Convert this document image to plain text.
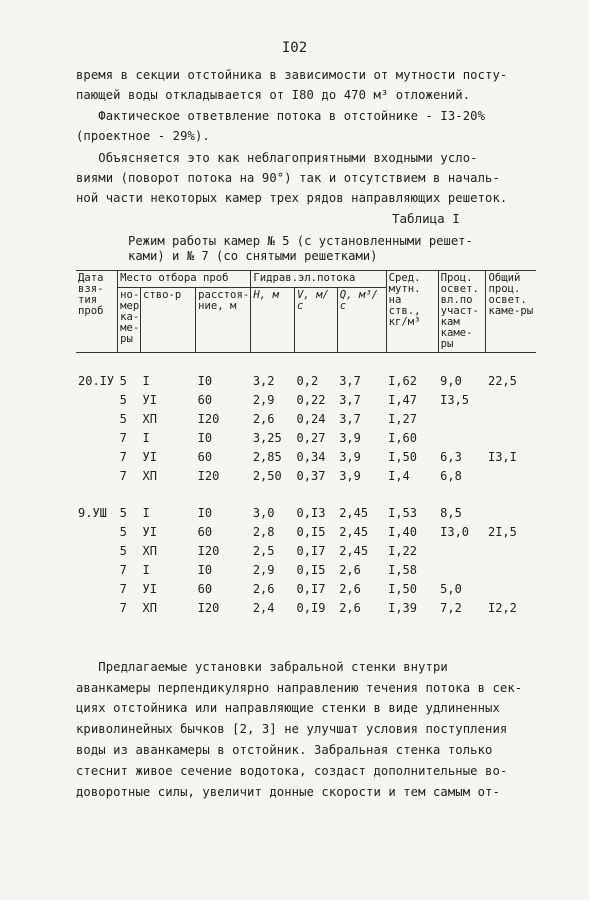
I02
время в секции отстойника в зависимости от мутности посту-
пающей воды откладывается от I80 до 470 м³ отложений.
Фактическое ответвление потока в отстойнике - I3-20%
(проектное - 29%).
Объясняется это как неблагоприятными входными усло-
виями (поворот потока на 90°) так и отсутствием в началь-
ной части некоторых камер трех рядов направляющих решеток.
Таблица I
Режим работы камер № 5 (с установленными решет-
ками) и № 7 (со снятыми решетками)
Дата взя-тия проб	Место отбора проб			Гидрав.эл.потока			Сред. мутн. на ств., кг/м³	Проц. освет. вл.по участ-кам каме-ры	Общий проц. освет. каме-ры
	но-мер ка-ме-ры	ство-р	расстоя-ние, м	H, м	V, м/с	Q, м³/с			

20.IУ	5	I	I0	3,2	0,2	3,7	I,62	9,0	22,5
	5	УI	60	2,9	0,22	3,7	I,47	I3,5	
	5	ХП	I20	2,6	0,24	3,7	I,27		
	7	I	I0	3,25	0,27	3,9	I,60		
	7	УI	60	2,85	0,34	3,9	I,50	6,3	I3,I
	7	ХП	I20	2,50	0,37	3,9	I,4	6,8	

9.УШ	5	I	I0	3,0	0,I3	2,45	I,53	8,5	
	5	УI	60	2,8	0,I5	2,45	I,40	I3,0	2I,5
	5	ХП	I20	2,5	0,I7	2,45	I,22		
	7	I	I0	2,9	0,I5	2,6	I,58		
	7	УI	60	2,6	0,I7	2,6	I,50	5,0	
	7	ХП	I20	2,4	0,I9	2,6	I,39	7,2	I2,2
Предлагаемые установки забральной стенки внутри
аванкамеры перпендикулярно направлению течения потока в сек-
циях отстойника или направляющие стенки в виде удлиненных
криволинейных бычков [2, 3] не улучшат условия поступления
воды из аванкамеры в отстойник. Забральная стенка только
стеснит живое сечение водотока, создаст дополнительные во-
доворотные силы, увеличит донные скорости и тем самым от-
